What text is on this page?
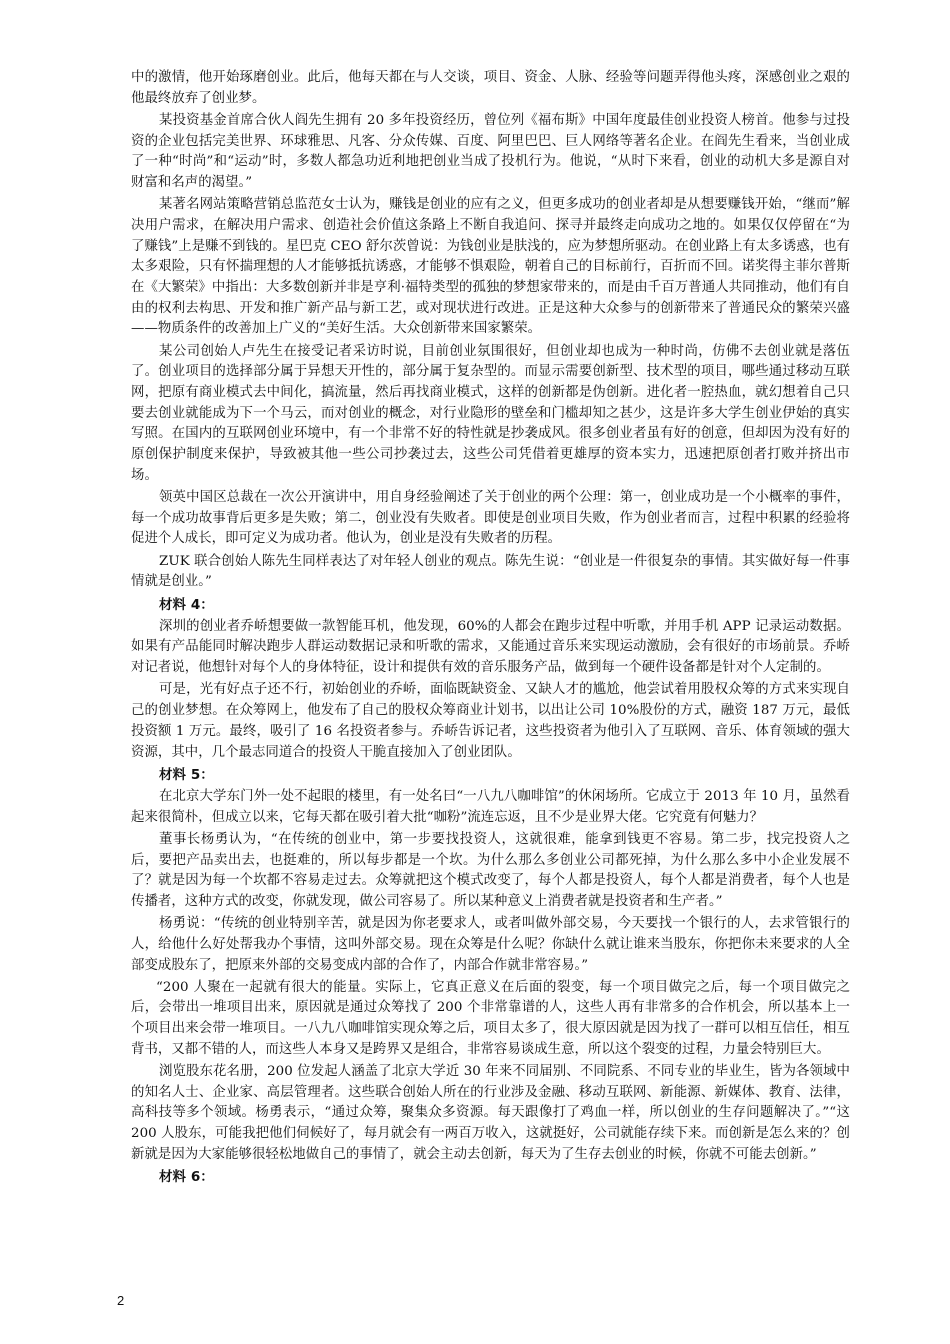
中的激情，他开始琢磨创业。此后，他每天都在与人交谈，项目、资金、人脉、经验等问题弄得他头疼，深感创业之艰的他最终放弃了创业梦。

某投资基金首席合伙人阎先生拥有 20 多年投资经历，曾位列《福布斯》中国年度最佳创业投资人榜首。他参与过投资的企业包括完美世界、环球雅思、凡客、分众传媒、百度、阿里巴巴、巨人网络等著名企业。在阎先生看来，当创业成了一种“时尚”和“运动”时，多数人都急功近利地把创业当成了投机行为。他说，“从时下来看，创业的动机大多是源自对财富和名声的渴望。”

某著名网站策略营销总监范女士认为，赚钱是创业的应有之义，但更多成功的创业者却是从想要赚钱开始，“继而”解决用户需求，在解决用户需求、创造社会价值这条路上不断自我追问、探寻并最终走向成功之地的。如果仅仅停留在“为了赚钱”上是赚不到钱的。星巴克 CEO 舒尔茨曾说：为钱创业是肤浅的，应为梦想所驱动。在创业路上有太多诱惑，也有太多艰险，只有怀揣理想的人才能够抵抗诱惑，才能够不惧艰险，朝着自己的目标前行，百折而不回。诺奖得主菲尔普斯在《大繁荣》中指出：大多数创新并非是亨利·福特类型的孤独的梦想家带来的，而是由千百万普通人共同推动，他们有自由的权利去构思、开发和推广新产品与新工艺，或对现状进行改进。正是这种大众参与的创新带来了普通民众的繁荣兴盛——物质条件的改善加上广义的“美好生活。大众创新带来国家繁荣。

某公司创始人卢先生在接受记者采访时说，目前创业氛围很好，但创业却也成为一种时尚，仿佛不去创业就是落伍了。创业项目的选择部分属于异想天开性的，部分属于复杂型的。而显示需要创新型、技术型的项目，哪些通过移动互联网，把原有商业模式去中间化，搞流量，然后再找商业模式，这样的创新都是伪创新。进化者一腔热血，就幻想着自己只要去创业就能成为下一个马云，而对创业的概念，对行业隐形的壁垒和门槛却知之甚少，这是许多大学生创业伊始的真实写照。在国内的互联网创业环境中，有一个非常不好的特性就是抄袭成风。很多创业者虽有好的创意，但却因为没有好的原创保护制度来保护，导致被其他一些公司抄袭过去，这些公司凭借着更雄厚的资本实力，迅速把原创者打败并挤出市场。

领英中国区总裁在一次公开演讲中，用自身经验阐述了关于创业的两个公理：第一，创业成功是一个小概率的事件，每一个成功故事背后更多是失败；第二，创业没有失败者。即使是创业项目失败，作为创业者而言，过程中积累的经验将促进个人成长，即可定义为成功者。他认为，创业是没有失败者的历程。

ZUK 联合创始人陈先生同样表达了对年轻人创业的观点。陈先生说：“创业是一件很复杂的事情。其实做好每一件事情就是创业。”

材料 4：

深圳的创业者乔峤想要做一款智能耳机，他发现，60%的人都会在跑步过程中听歌，并用手机 APP 记录运动数据。如果有产品能同时解决跑步人群运动数据记录和听歌的需求，又能通过音乐来实现运动激励，会有很好的市场前景。乔峤对记者说，他想针对每个人的身体特征，设计和提供有效的音乐服务产品，做到每一个硬件设备都是针对个人定制的。

可是，光有好点子还不行，初始创业的乔峤，面临既缺资金、又缺人才的尴尬，他尝试着用股权众筹的方式来实现自己的创业梦想。在众筹网上，他发布了自己的股权众筹商业计划书，以出让公司 10%股份的方式，融资 187 万元，最低投资额 1 万元。最终，吸引了 16 名投资者参与。乔峤告诉记者，这些投资者为他引入了互联网、音乐、体育领域的强大资源，其中，几个最志同道合的投资人干脆直接加入了创业团队。

材料 5：

在北京大学东门外一处不起眼的楼里，有一处名曰“一八九八咖啡馆”的休闲场所。它成立于 2013 年 10 月，虽然看起来很简朴，但成立以来，它每天都在吸引着大批“咖粉”流连忘返，且不少是业界大佬。它究竟有何魅力？

董事长杨勇认为，“在传统的创业中，第一步要找投资人，这就很难，能拿到钱更不容易。第二步，找完投资人之后，要把产品卖出去，也挺难的，所以每步都是一个坎。为什么那么多创业公司都死掉，为什么那么多中小企业发展不了？就是因为每一个坎都不容易走过去。众筹就把这个模式改变了，每个人都是投资人，每个人都是消费者，每个人也是传播者，这种方式的改变，你就发现，做公司容易了。所以某种意义上消费者就是投资者和生产者。”

杨勇说：“传统的创业特别辛苦，就是因为你老要求人，或者叫做外部交易，今天要找一个银行的人，去求管银行的人，给他什么好处帮我办个事情，这叫外部交易。现在众筹是什么呢？你缺什么就让谁来当股东，你把你未来要求的人全部变成股东了，把原来外部的交易变成内部的合作了，内部合作就非常容易。”

“200 人聚在一起就有很大的能量。实际上，它真正意义在后面的裂变，每一个项目做完之后，每一个项目做完之后，会带出一堆项目出来，原因就是通过众筹找了 200 个非常靠谱的人，这些人再有非常多的合作机会，所以基本上一个项目出来会带一堆项目。一八九八咖啡馆实现众筹之后，项目太多了，很大原因就是因为找了一群可以相互信任，相互背书，又都不错的人，而这些人本身又是跨界又是组合，非常容易谈成生意，所以这个裂变的过程，力量会特别巨大。

浏览股东花名册，200 位发起人涵盖了北京大学近 30 年来不同届别、不同院系、不同专业的毕业生，皆为各领域中的知名人士、企业家、高层管理者。这些联合创始人所在的行业涉及金融、移动互联网、新能源、新媒体、教育、法律，高科技等多个领域。杨勇表示，“通过众筹，聚集众多资源。每天跟像打了鸡血一样，所以创业的生存问题解决了。”“这 200 人股东，可能我把他们伺候好了，每月就会有一两百万收入，这就挺好，公司就能存续下来。而创新是怎么来的？创新就是因为大家能够很轻松地做自己的事情了，就会主动去创新，每天为了生存去创业的时候，你就不可能去创新。”

材料 6：
2
